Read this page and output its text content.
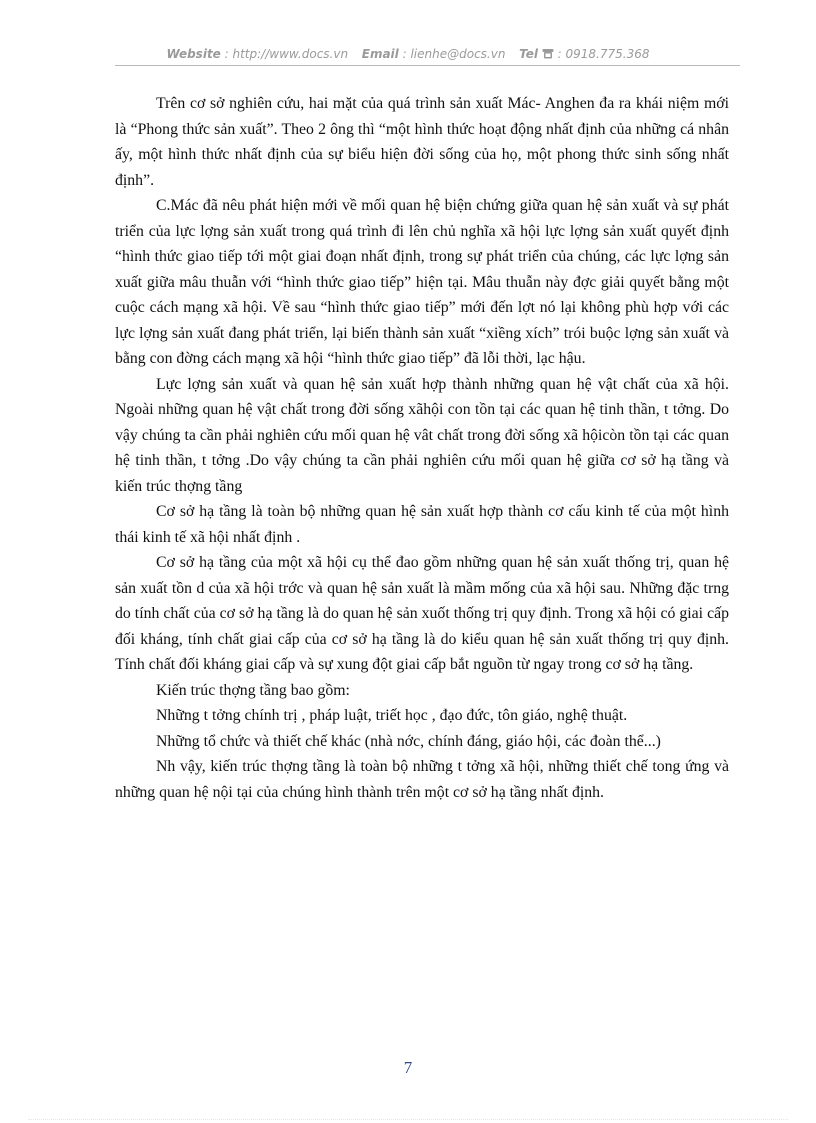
Website : http://www.docs.vn Email : lienhe@docs.vn Tel : 0918.775.368

Trên cơ sở nghiên cứu, hai mặt của quá trình sản xuất Mác- Anghen đa ra khái niệm mới là “Phong thức sản xuất”. Theo 2 ông thì “một hình thức hoạt động nhất định của những cá nhân ấy, một hình thức nhất định của sự biểu hiện đời sống của họ, một phong thức sinh sống nhất định”.

C.Mác đã nêu phát hiện mới về mối quan hệ biện chứng giữa quan hệ sản xuất và sự phát triển của lực lợng sản xuất trong quá trình đi lên chủ nghĩa xã hội lực lợng sản xuất quyết định “hình thức giao tiếp tới một giai đoạn nhất định, trong sự phát triển của chúng, các lực lợng sản xuất giữa mâu thuẫn với “hình thức giao tiếp” hiện tại. Mâu thuẫn này đợc giải quyết bằng một cuộc cách mạng xã hội. Về sau “hình thức giao tiếp” mới đến lợt nó lại không phù hợp với các lực lợng sản xuất đang phát triển, lại biến thành sản xuất “xiềng xích” trói buộc lợng sản xuất và bằng con đờng cách mạng xã hội “hình thức giao tiếp” đã lỗi thời, lạc hậu.

Lực lợng sản xuất và quan hệ sản xuất hợp thành những quan hệ vật chất của xã hội. Ngoài những quan hệ vật chất trong đời sống xãhội con tồn tại các quan hệ tinh thần, t tởng. Do vậy chúng ta cần phải nghiên cứu mối quan hệ vât chất trong đời sống xã hộicòn tồn tại các quan hệ tinh thần, t tởng .Do vậy chúng ta cần phải nghiên cứu mối quan hệ giữa cơ sở hạ tầng và kiến trúc thợng tầng

Cơ sở hạ tầng là toàn bộ những quan hệ sản xuất hợp thành cơ cấu kinh tế của một hình thái kinh tế xã hội nhất định .

Cơ sở hạ tầng của một xã hội cụ thể đao gồm những quan hệ sản xuất thống trị, quan hệ sản xuất tồn d của xã hội trớc và quan hệ sản xuất là mầm mống của xã hội sau. Những đặc trng do tính chất của cơ sở hạ tầng là do quan hệ sản xuốt thống trị quy định. Trong xã hội có giai cấp đối kháng, tính chất giai cấp của cơ sở hạ tầng là do kiểu quan hệ sản xuất thống trị quy định. Tính chất đối kháng giai cấp và sự xung đột giai cấp bắt nguồn từ ngay trong cơ sở hạ tầng.

Kiến trúc thợng tầng bao gồm:

Những t tởng chính trị , pháp luật, triết học , đạo đức, tôn giáo, nghệ thuật.

Những tổ chức và thiết chế khác (nhà nớc, chính đáng, giáo hội, các đoàn thể...)

Nh vậy, kiến trúc thợng tầng là toàn bộ những t tởng xã hội, những thiết chế tong ứng và những quan hệ nội tại của chúng hình thành trên một cơ sở hạ tầng nhất định.

7
